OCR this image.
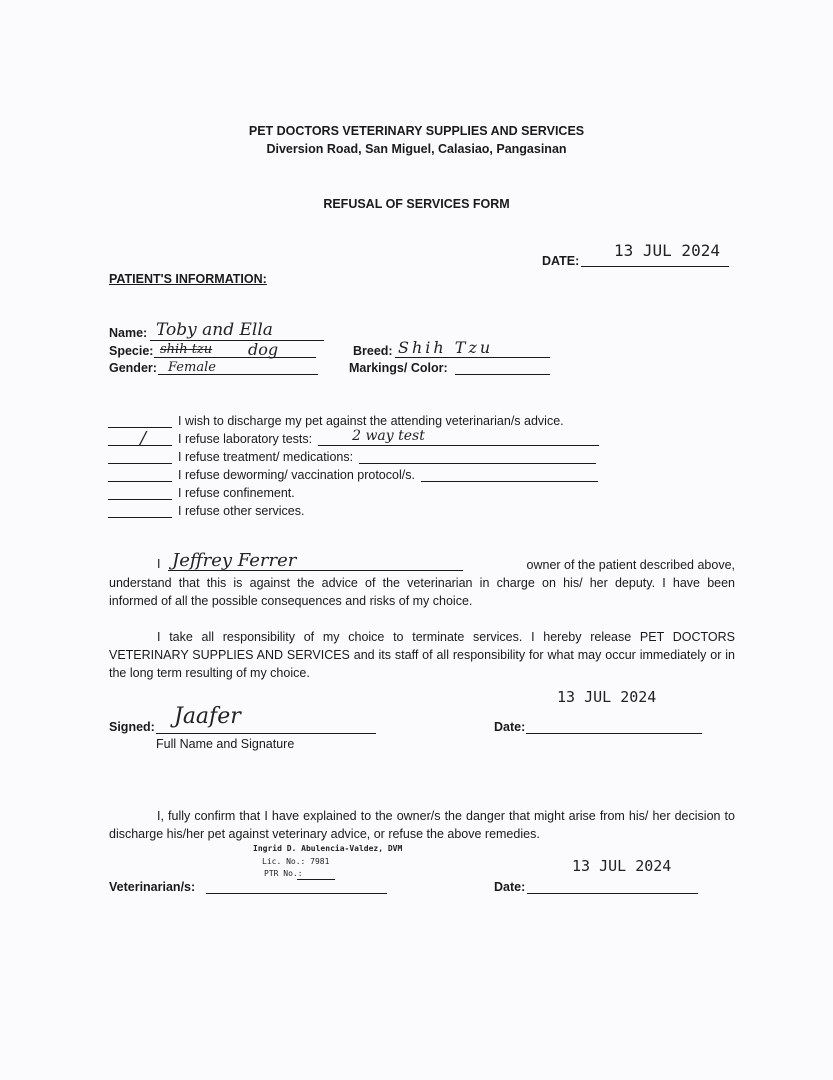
PET DOCTORS VETERINARY SUPPLIES AND SERVICES
Diversion Road, San Miguel, Calasiao, Pangasinan
REFUSAL OF SERVICES FORM
DATE:
13 JUL 2024
PATIENT'S INFORMATION:
Name: Toby and Ella
Specie: shih tzu dog
Gender: Female
Breed: Shih Tzu
Markings/ Color:
I wish to discharge my pet against the attending veterinarian/s advice.
/	I refuse laboratory tests:	2 way test
I refuse treatment/ medications:
I refuse deworming/ vaccination protocol/s.
I refuse confinement.
I refuse other services.
I Jeffrey Ferrer	owner of the patient described above,
understand that this is against the advice of the veterinarian in charge on his/ her deputy. I have been
informed of all the possible consequences and risks of my choice.
I take all responsibility of my choice to terminate services. I hereby release PET DOCTORS VETERINARY SUPPLIES AND SERVICES and its staff of all responsibility for what may occur immediately or in the long term resulting of my choice.
Signed: Jaafer
Full Name and Signature
Date:
13 JUL 2024
I, fully confirm that I have explained to the owner/s the danger that might arise from his/ her decision to discharge his/her pet against veterinary advice, or refuse the above remedies.
Ingrid D. Abulencia-Valdez, DVM
Lic. No.: 7981
PTR No.:
Veterinarian/s:	Date:
13 JUL 2024
